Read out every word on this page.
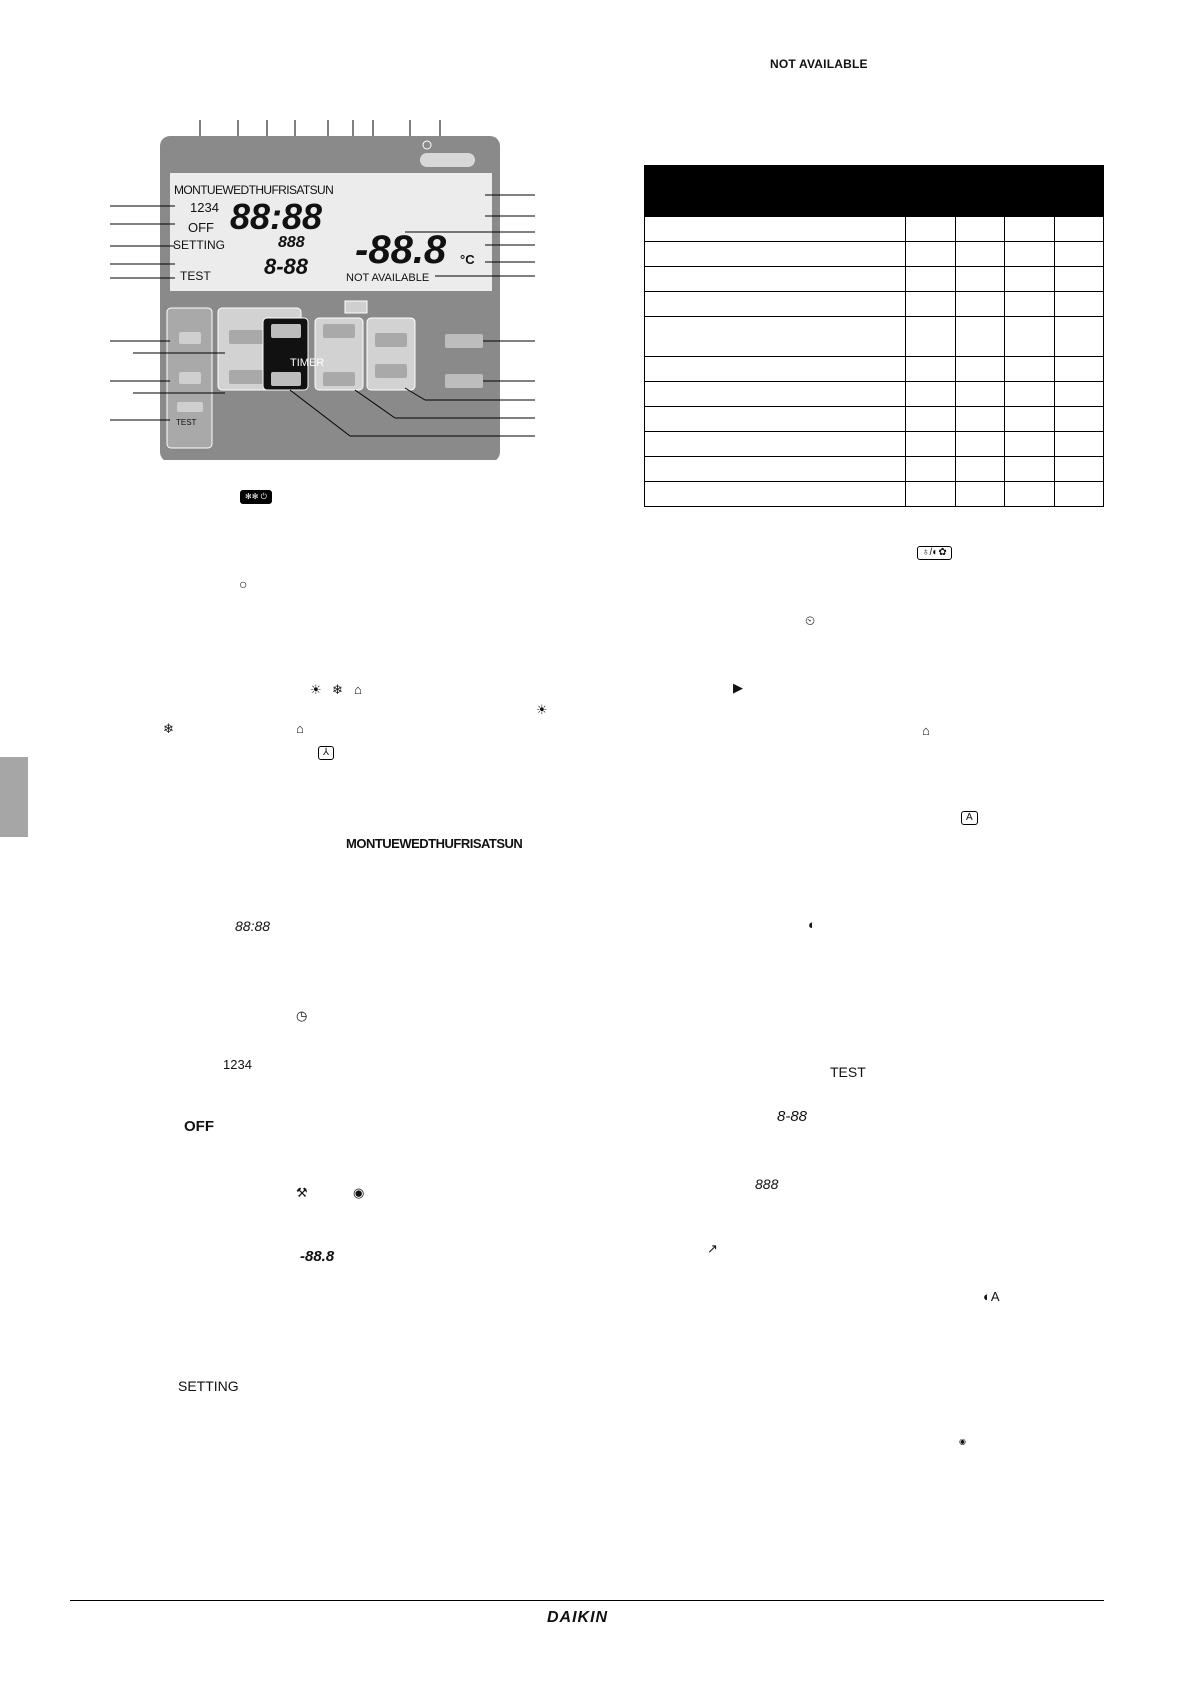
NOT AVAILABLE
MONTUEWEDTHUFRISATSUN
1234 88:88
OFF
SETTING
TEST
888
8-88 -88.8 °C
NOT AVAILABLE
TIMER
TEST

✻✻ ⏻
○
☀ ❄ ⌂
☀
❄	⌂
⅄
MONTUEWEDTHUFRISATSUN
88:88
◷
1234
OFF
⚒	◉
-88.8
SETTING
♁/◐✿
⏲
▶
⌂
A
◐
TEST
8-88
888
↗
◐A
◉
DAIKIN
